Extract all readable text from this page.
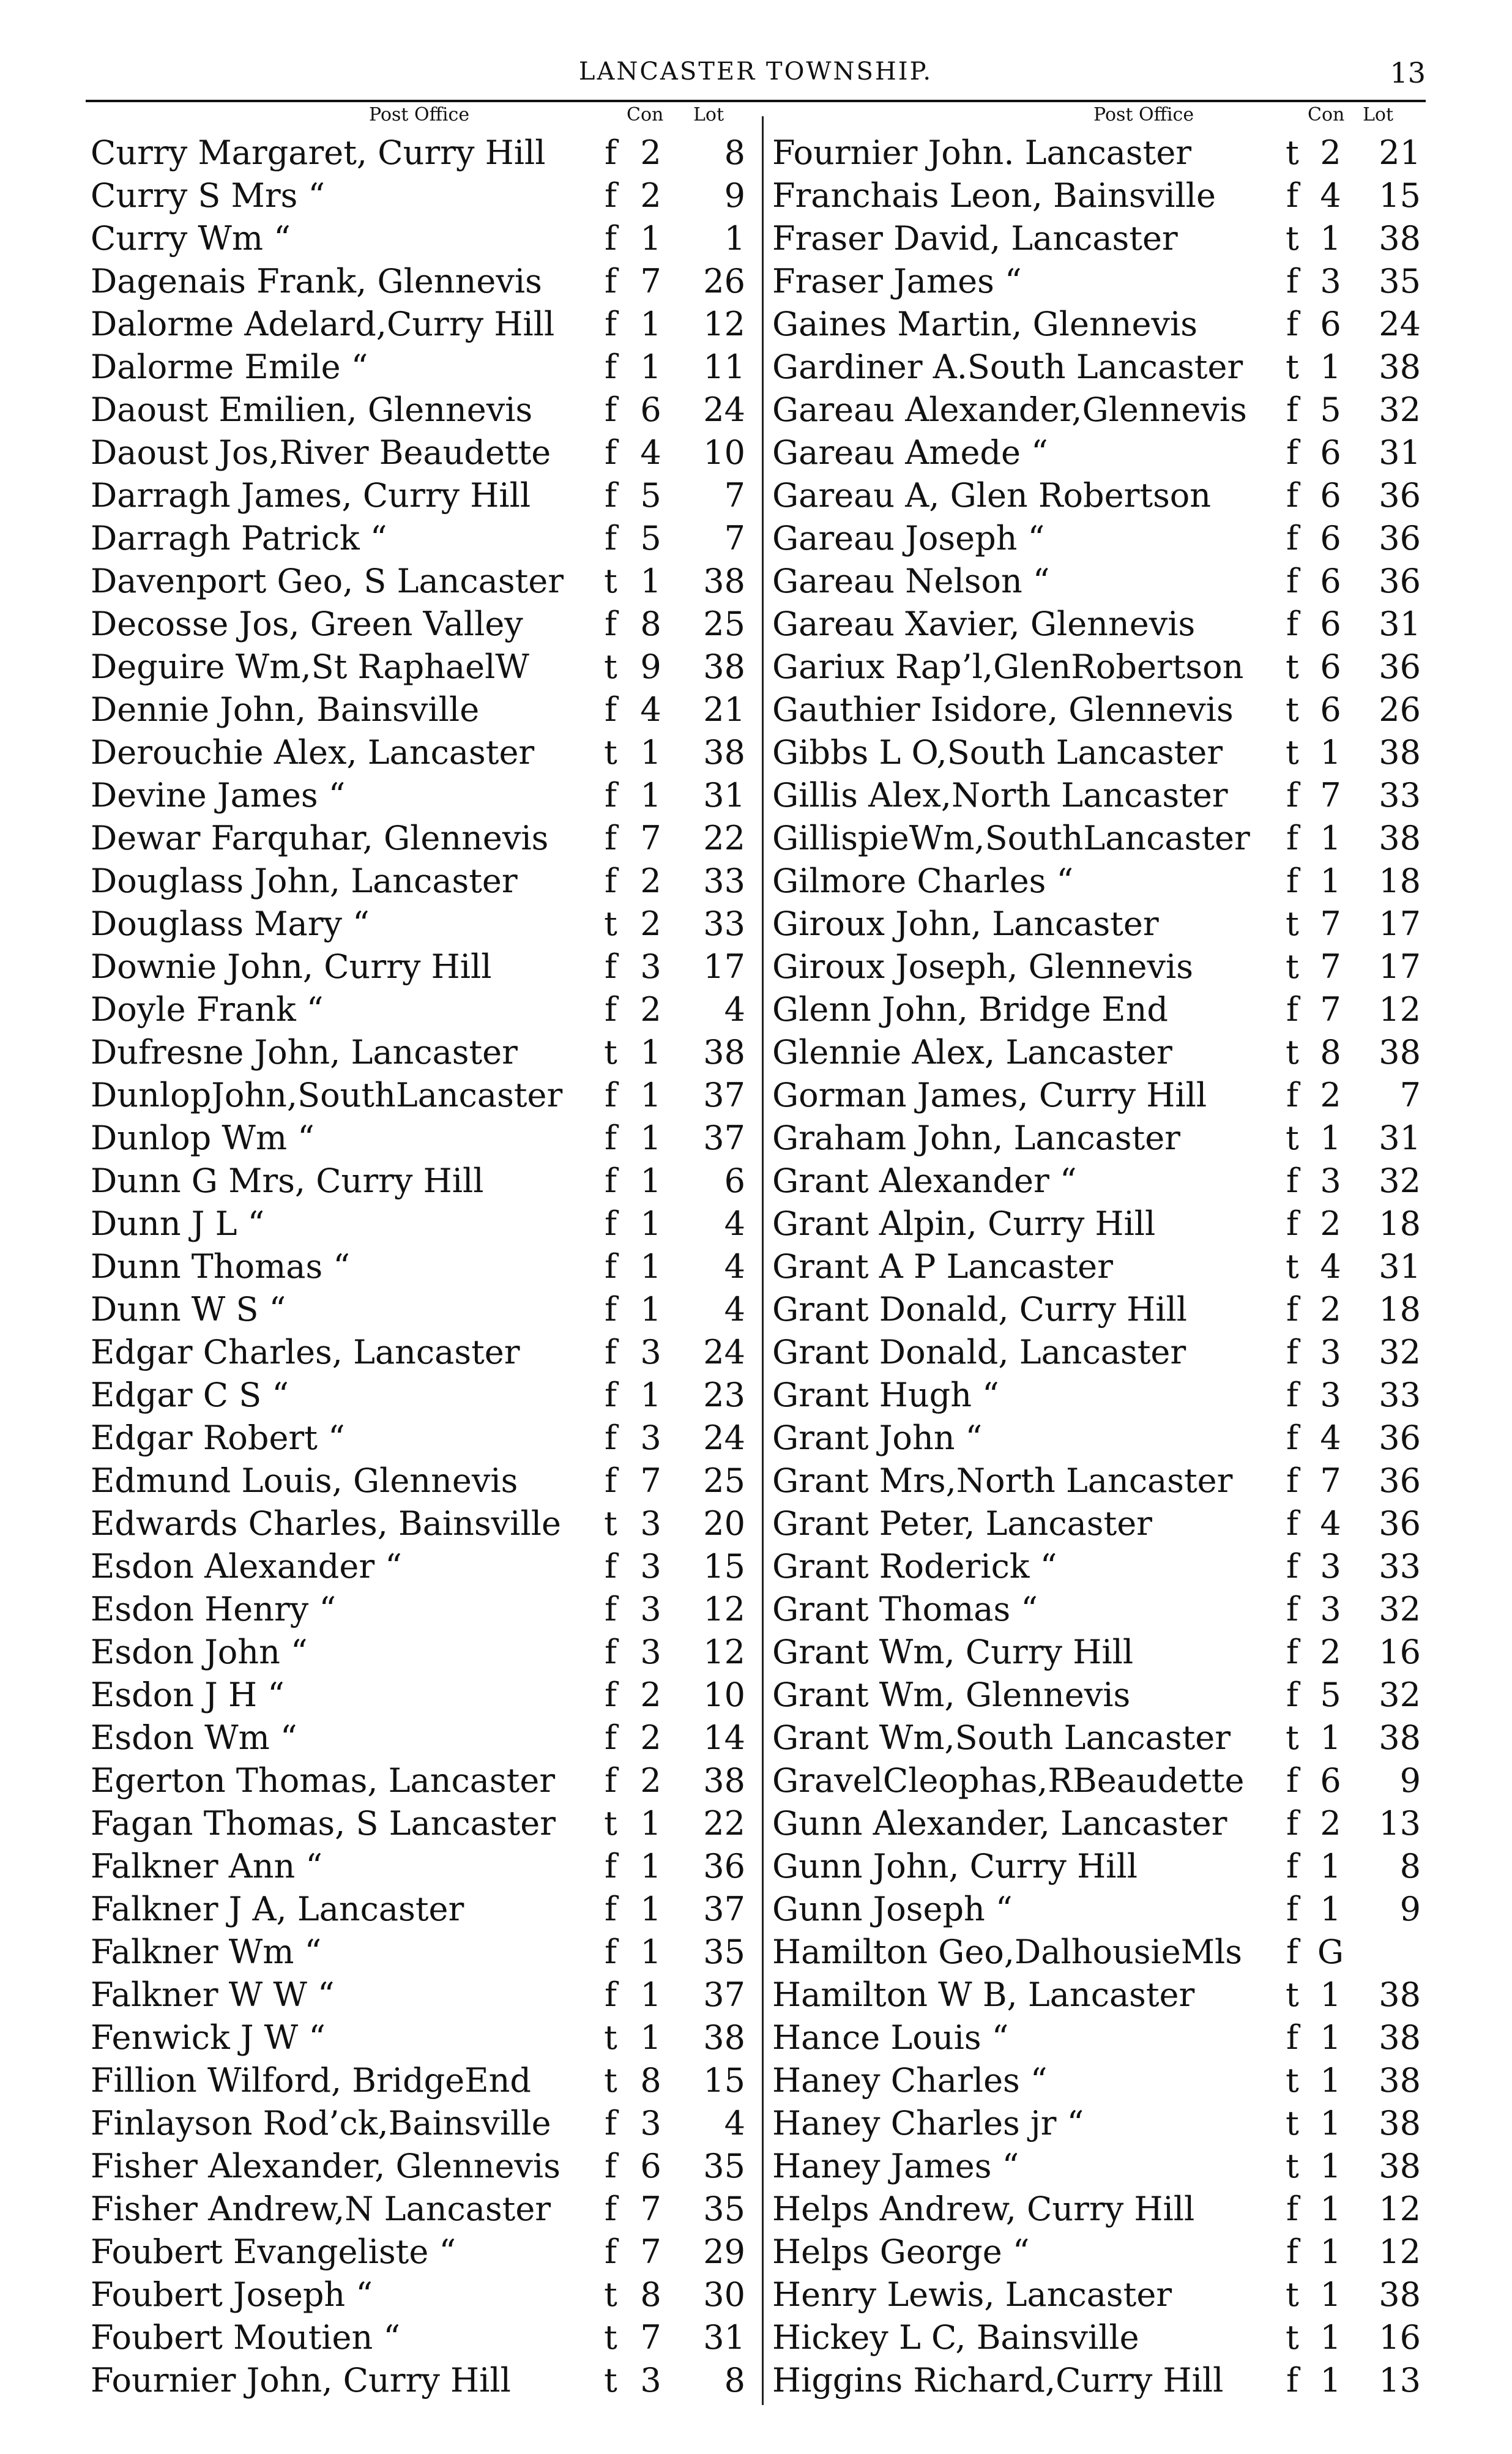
LANCASTER TOWNSHIP.	13
Post Office	Con Lot
Curry Margaret, Curry Hill f 2	8
Curry S Mrs “	f 2	9
Curry Wm “	f 1	1
Dagenais Frank, Glennevis f 7	26
Dalorme Adelard,Curry Hill f 1	12
Dalorme Emile “	f 1	11
Daoust Emilien, Glennevis f 6	24
Daoust Jos,River Beaudette f 4	10
Darragh James, Curry Hill f 5	7
Darragh Patrick “	f 5	7
Davenport Geo, S Lancaster t 1	38
Decosse Jos, Green Valley f 8	25
Deguire Wm,St RaphaelW t 9	38
Dennie John, Bainsville	f 4	21
Derouchie Alex, Lancaster t 1	38
Devine James “	f 1	31
Dewar Farquhar, Glennevis f 7	22
Douglass John, Lancaster	f 2	33
Douglass Mary “	t 2	33
Downie John, Curry Hill	f 3	17
Doyle Frank “	f 2	4
Dufresne John, Lancaster	t 1	38
DunlopJohn,SouthLancaster f 1	37
Dunlop Wm “	f 1	37
Dunn G Mrs, Curry Hill	f 1	6
Dunn J L “	f 1	4
Dunn Thomas “	f 1	4
Dunn W S “	f 1	4
Edgar Charles, Lancaster	f 3	24
Edgar C S “	f 1	23
Edgar Robert “	f 3	24
Edmund Louis, Glennevis	f 7	25
Edwards Charles, Bainsville t 3	20
Esdon Alexander “	f 3	15
Esdon Henry “	f 3	12
Esdon John “	f 3	12
Esdon J H “	f 2	10
Esdon Wm “	f 2	14
Egerton Thomas, Lancaster f 2	38
Fagan Thomas, S Lancaster t 1	22
Falkner Ann “	f 1	36
Falkner J A, Lancaster	f 1	37
Falkner Wm “	f 1	35
Falkner W W “	f 1	37
Fenwick J W “	t 1	38
Fillion Wilford, BridgeEnd t 8	15
Finlayson Rod’ck,Bainsville f 3	4
Fisher Alexander, Glennevis f 6	35
Fisher Andrew,N Lancaster f 7	35
Foubert Evangeliste “	f 7	29
Foubert Joseph “	t 8	30
Foubert Moutien “	t 7	31
Fournier John, Curry Hill	t 3	8
Post Office	Con Lot
Fournier John. Lancaster	t 2	21
Franchais Leon, Bainsville f 4	15
Fraser David, Lancaster	t 1	38
Fraser James “	f 3	35
Gaines Martin, Glennevis	f 6	24
Gardiner A.South Lancaster t 1	38
Gareau Alexander,Glennevis f 5	32
Gareau Amede “	f 6	31
Gareau A, Glen Robertson f 6	36
Gareau Joseph “	f 6	36
Gareau Nelson “	f 6	36
Gareau Xavier, Glennevis	f 6	31
Gariux Rap’l,GlenRobertson t 6	36
Gauthier Isidore, Glennevis t 6	26
Gibbs L O,South Lancaster t 1	38
Gillis Alex,North Lancaster f 7	33
GillispieWm,SouthLancaster f 1	38
Gilmore Charles “	f 1	18
Giroux John, Lancaster	t 7	17
Giroux Joseph, Glennevis	t 7	17
Glenn John, Bridge End	f 7	12
Glennie Alex, Lancaster	t 8	38
Gorman James, Curry Hill f 2	7
Graham John, Lancaster	t 1	31
Grant Alexander “	f 3	32
Grant Alpin, Curry Hill	f 2	18
Grant A P Lancaster	t 4	31
Grant Donald, Curry Hill	f 2	18
Grant Donald, Lancaster	f 3	32
Grant Hugh “	f 3	33
Grant John “	f 4	36
Grant Mrs,North Lancaster f 7	36
Grant Peter, Lancaster	f 4	36
Grant Roderick “	f 3	33
Grant Thomas “	f 3	32
Grant Wm, Curry Hill	f 2	16
Grant Wm, Glennevis	f 5	32
Grant Wm,South Lancaster t 1	38
GravelCleophas,RBeaudette f 6	9
Gunn Alexander, Lancaster f 2	13
Gunn John, Curry Hill	f 1	8
Gunn Joseph “	f 1	9
Hamilton Geo,DalhousieMls f G
Hamilton W B, Lancaster	t 1	38
Hance Louis “	f 1	38
Haney Charles “	t 1	38
Haney Charles jr “	t 1	38
Haney James “	t 1	38
Helps Andrew, Curry Hill	f 1	12
Helps George “	f 1	12
Henry Lewis, Lancaster	t 1	38
Hickey L C, Bainsville	t 1	16
Higgins Richard,Curry Hill f 1	13
